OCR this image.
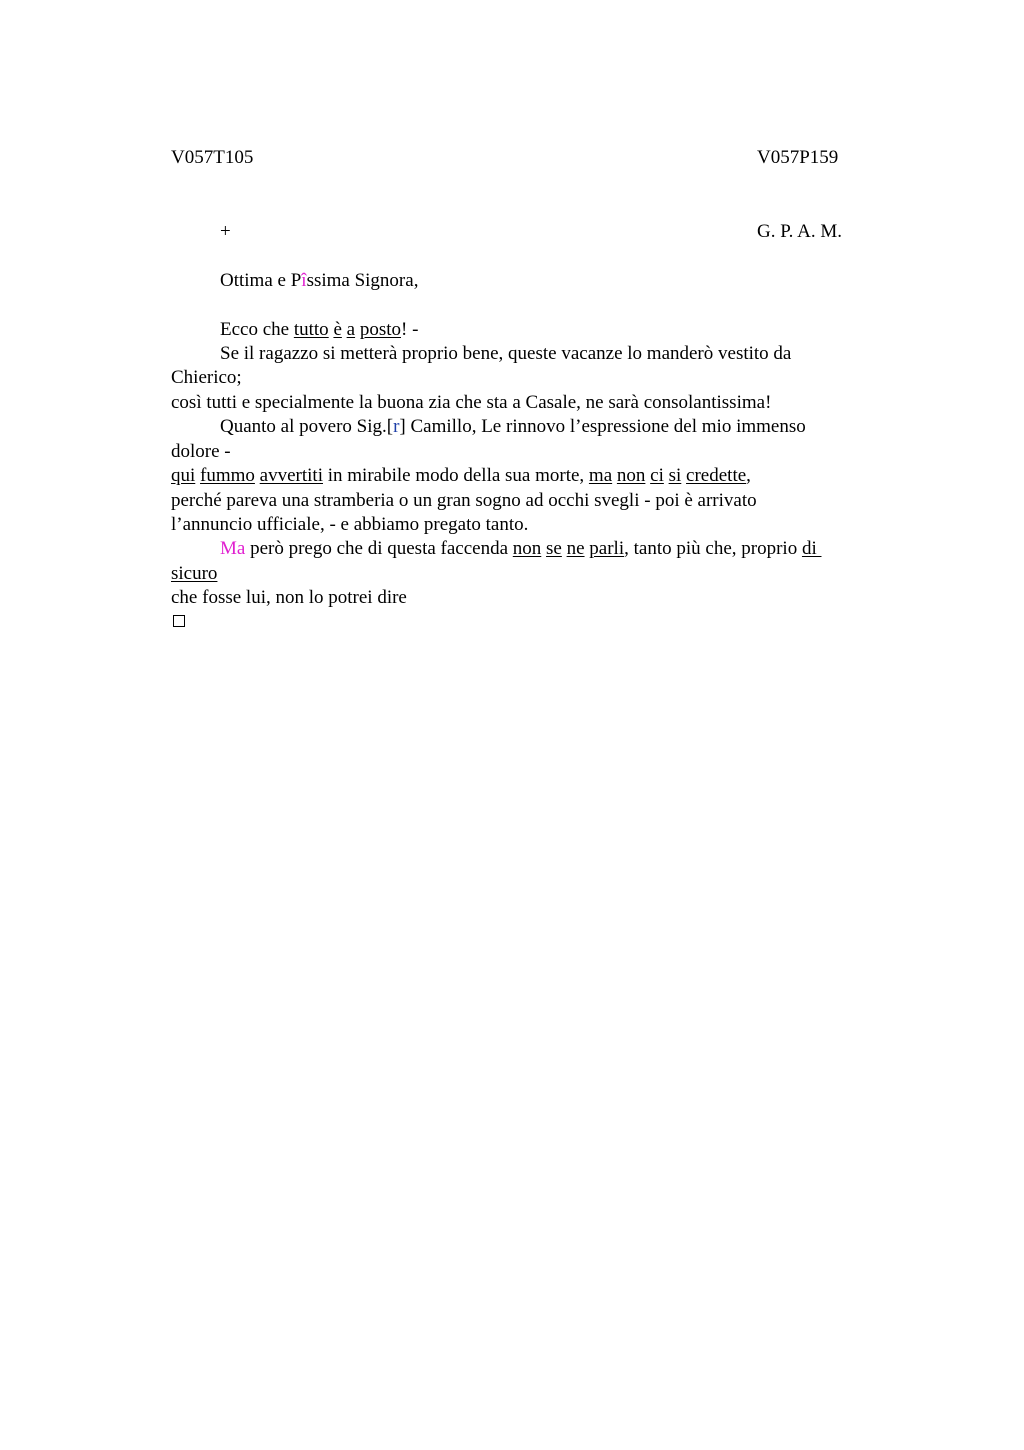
V057T105	V057P159
+	G. P. A. M.
Ottima e Pîssima Signora,
Ecco che tutto è a posto! -
Se il ragazzo si metterà proprio bene, queste vacanze lo manderò vestito da
Chierico;
così tutti e specialmente la buona zia che sta a Casale, ne sarà consolantissima!
Quanto al povero Sig.[r] Camillo, Le rinnovo l’espressione del mio immenso
dolore -
qui fummo avvertiti in mirabile modo della sua morte, ma non ci si credette,
perché pareva una stramberia o un gran sogno ad occhi svegli - poi è arrivato
l’annuncio ufficiale, - e abbiamo pregato tanto.
Ma però prego che di questa faccenda non se ne parli, tanto più che, proprio di
sicuro
che fosse lui, non lo potrei dire
